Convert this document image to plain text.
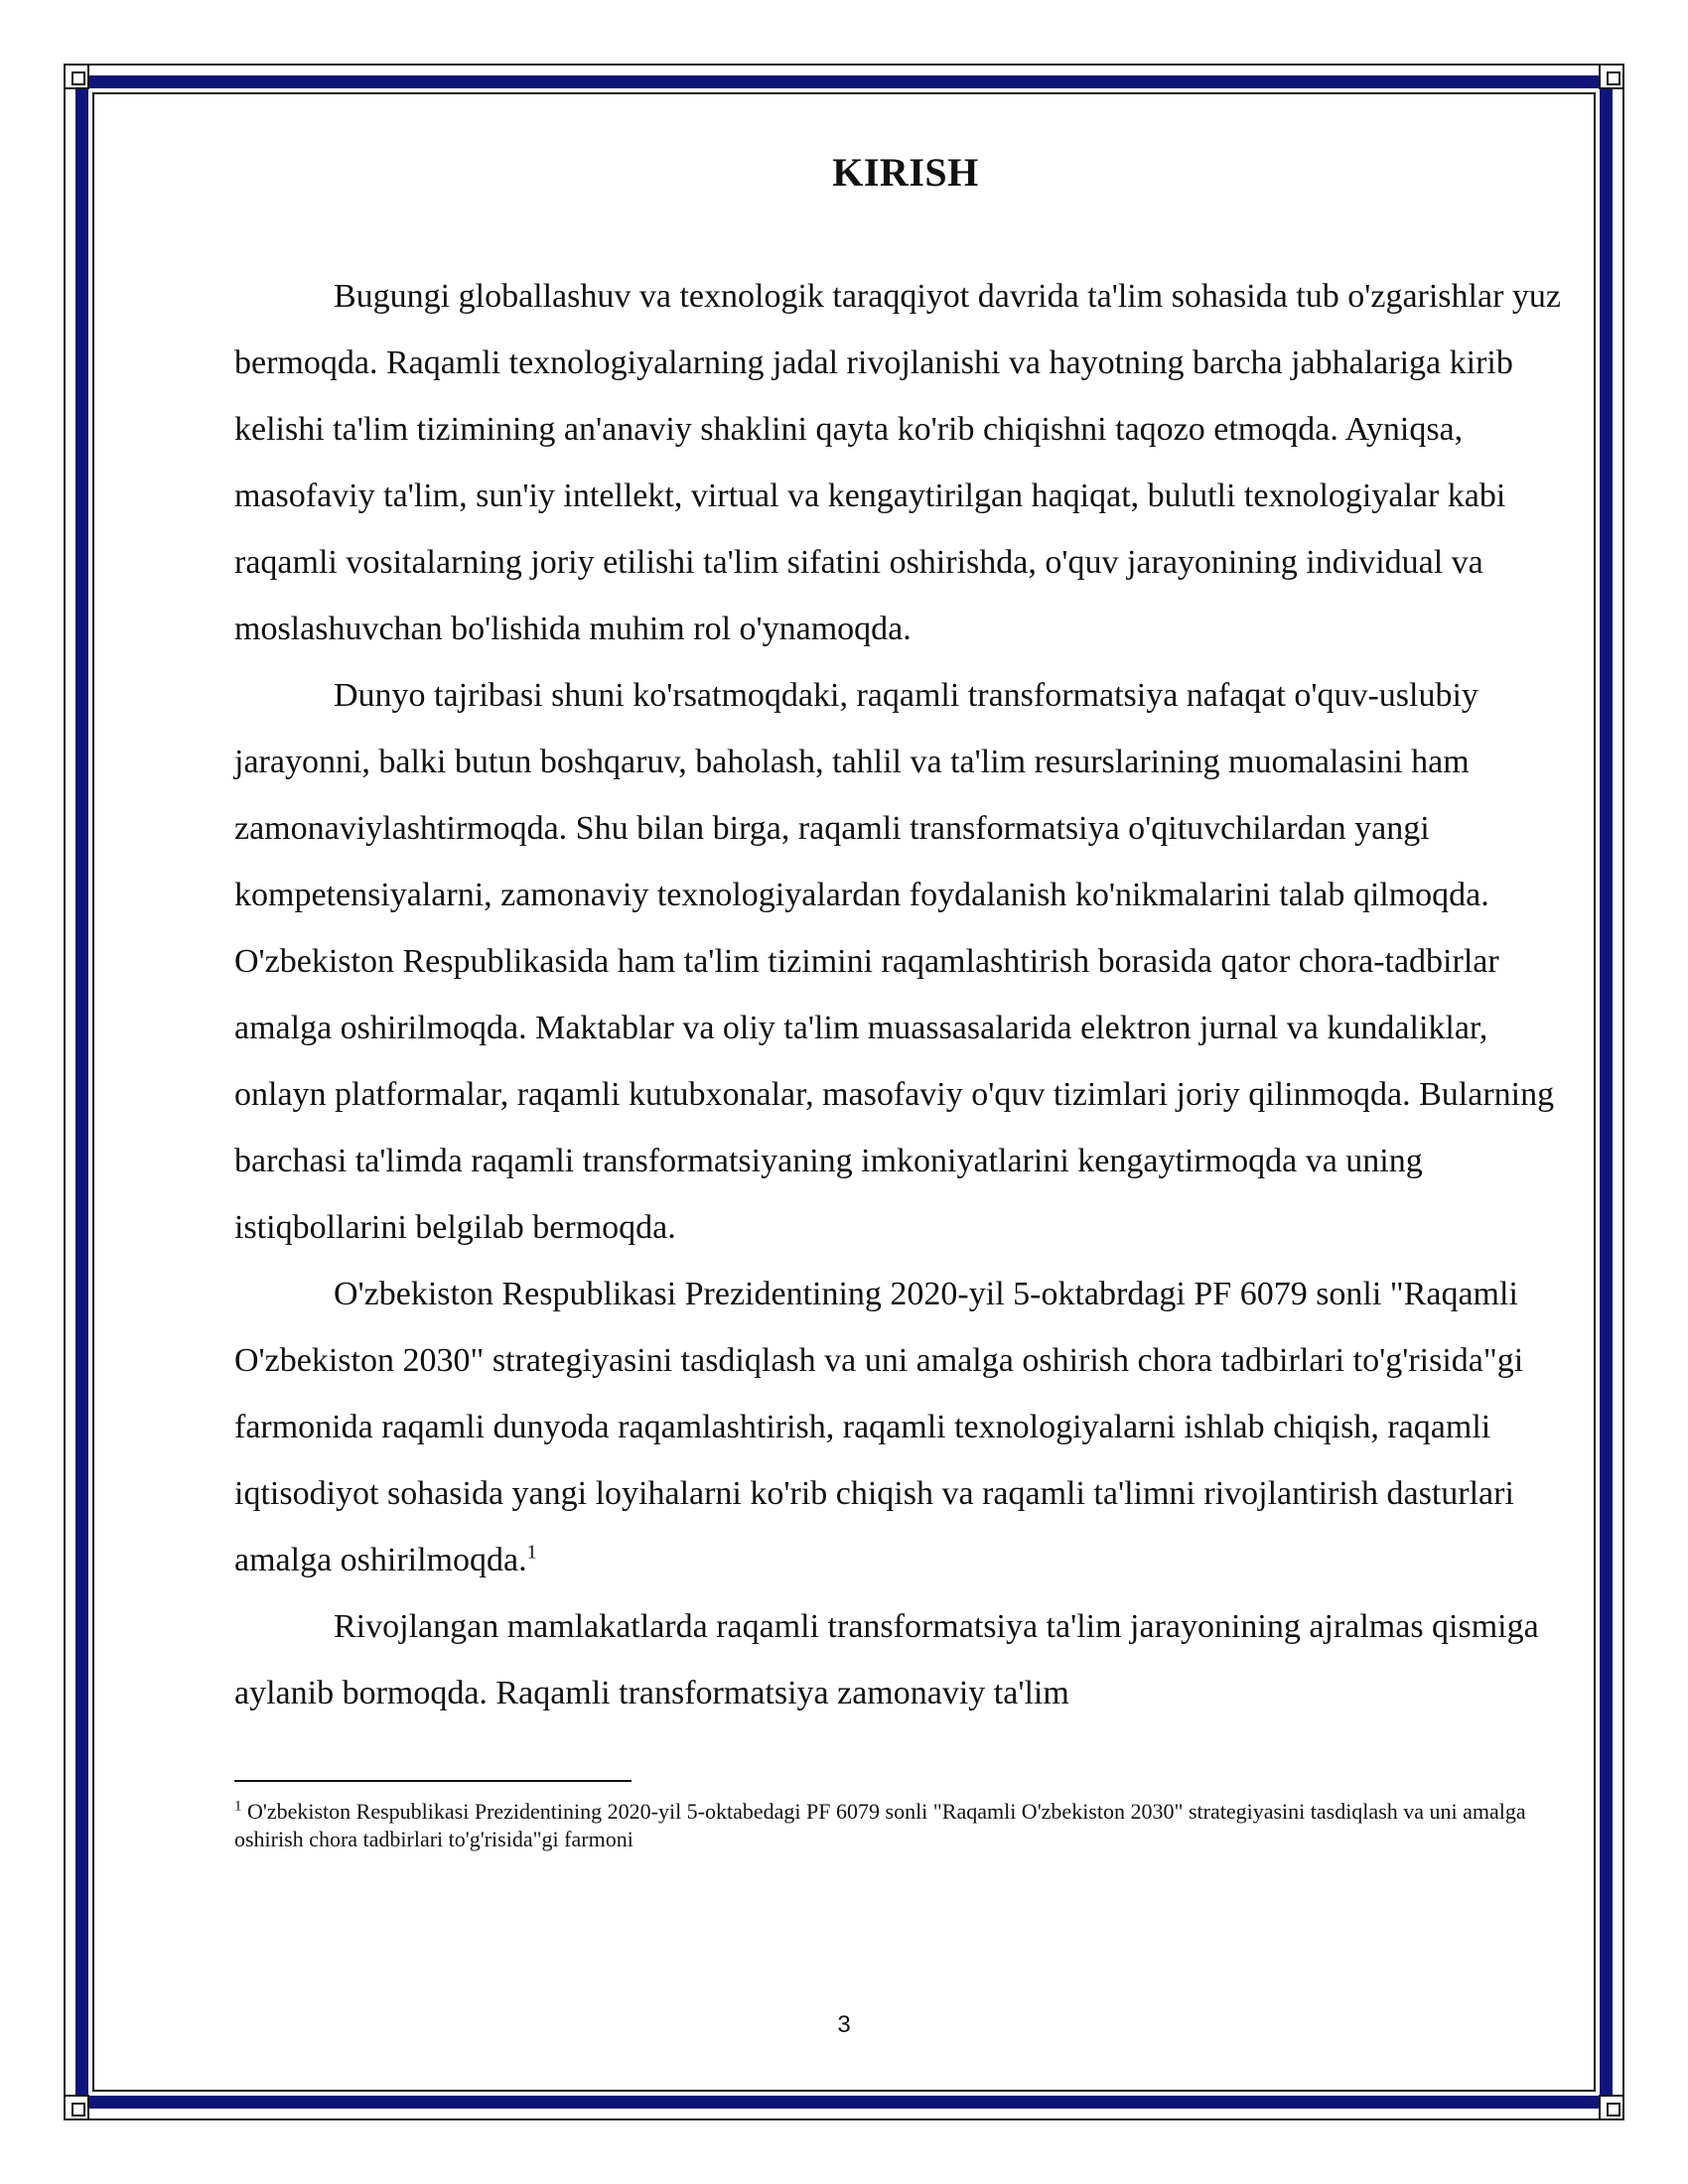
KIRISH

Bugungi globallashuv va texnologik taraqqiyot davrida ta'lim sohasida tub o'zgarishlar yuz bermoqda. Raqamli texnologiyalarning jadal rivojlanishi va hayotning barcha jabhalariga kirib kelishi ta'lim tizimining an'anaviy shaklini qayta ko'rib chiqishni taqozo etmoqda. Ayniqsa, masofaviy ta'lim, sun'iy intellekt, virtual va kengaytirilgan haqiqat, bulutli texnologiyalar kabi raqamli vositalarning joriy etilishi ta'lim sifatini oshirishda, o'quv jarayonining individual va moslashuvchan bo'lishida muhim rol o'ynamoqda.

Dunyo tajribasi shuni ko'rsatmoqdaki, raqamli transformatsiya nafaqat o'quv-uslubiy jarayonni, balki butun boshqaruv, baholash, tahlil va ta'lim resurslarining muomalasini ham zamonaviylashtirmoqda. Shu bilan birga, raqamli transformatsiya o'qituvchilardan yangi kompetensiyalarni, zamonaviy texnologiyalardan foydalanish ko'nikmalarini talab qilmoqda. O'zbekiston Respublikasida ham ta'lim tizimini raqamlashtirish borasida qator chora-tadbirlar amalga oshirilmoqda. Maktablar va oliy ta'lim muassasalarida elektron jurnal va kundaliklar, onlayn platformalar, raqamli kutubxonalar, masofaviy o'quv tizimlari joriy qilinmoqda. Bularning barchasi ta'limda raqamli transformatsiyaning imkoniyatlarini kengaytirmoqda va uning istiqbollarini belgilab bermoqda.

O'zbekiston Respublikasi Prezidentining 2020-yil 5-oktabrdagi PF 6079 sonli "Raqamli O'zbekiston 2030" strategiyasini tasdiqlash va uni amalga oshirish chora tadbirlari to'g'risida"gi farmonida raqamli dunyoda raqamlashtirish, raqamli texnologiyalarni ishlab chiqish, raqamli iqtisodiyot sohasida yangi loyihalarni ko'rib chiqish va raqamli ta'limni rivojlantirish dasturlari amalga oshirilmoqda.$^1$

Rivojlangan mamlakatlarda raqamli transformatsiya ta'lim jarayonining ajralmas qismiga aylanib bormoqda. Raqamli transformatsiya zamonaviy ta'lim

$^1$ O'zbekiston Respublikasi Prezidentining 2020-yil 5-oktabedagi PF 6079 sonli "Raqamli O'zbekiston 2030" strategiyasini tasdiqlash va uni amalga oshirish chora tadbirlari to'g'risida"gi farmoni

3
